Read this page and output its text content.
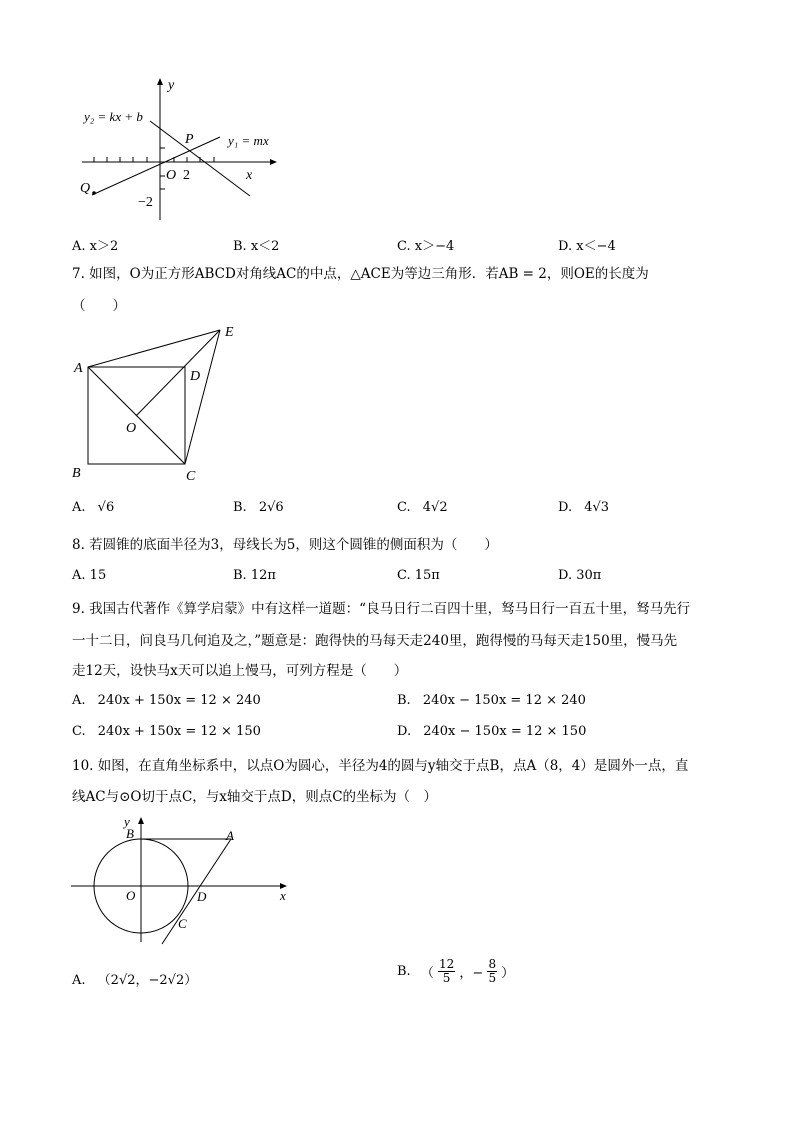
y
x
O 2
−2
y₂ = kx + b
y₁ = mx
P
Q
A. x＞2	B. x＜2	C. x＞−4	D. x＜−4
7. 如图，O为正方形ABCD对角线AC的中点，△ACE为等边三角形．若AB = 2，则OE的长度为
（　　）
A
B	C
D
E
O
A. √6	B. 2√6	C. 4√2	D. 4√3
8. 若圆锥的底面半径为3，母线长为5，则这个圆锥的侧面积为（　　）
A. 15	B. 12π	C. 15π	D. 30π
9. 我国古代著作《算学启蒙》中有这样一道题：“良马日行二百四十里，驽马日行一百五十里，驽马先行
一十二日，问良马几何追及之，”题意是：跑得快的马每天走240里，跑得慢的马每天走150里，慢马先
走12天，设快马x天可以追上慢马，可列方程是（　　）
A. 240x + 150x = 12 × 240	B. 240x − 150x = 12 × 240
C. 240x + 150x = 12 × 150	D. 240x − 150x = 12 × 150
10. 如图，在直角坐标系中，以点O为圆心，半径为4的圆与y轴交于点B，点A（8，4）是圆外一点，直
线AC与⊙O切于点C，与x轴交于点D，则点C的坐标为（　）
y
x
O
B	A
D
C
A. （2√2，−2√2）
B. （ $\frac{12}{5}$ ，− $\frac{8}{5}$ ）
